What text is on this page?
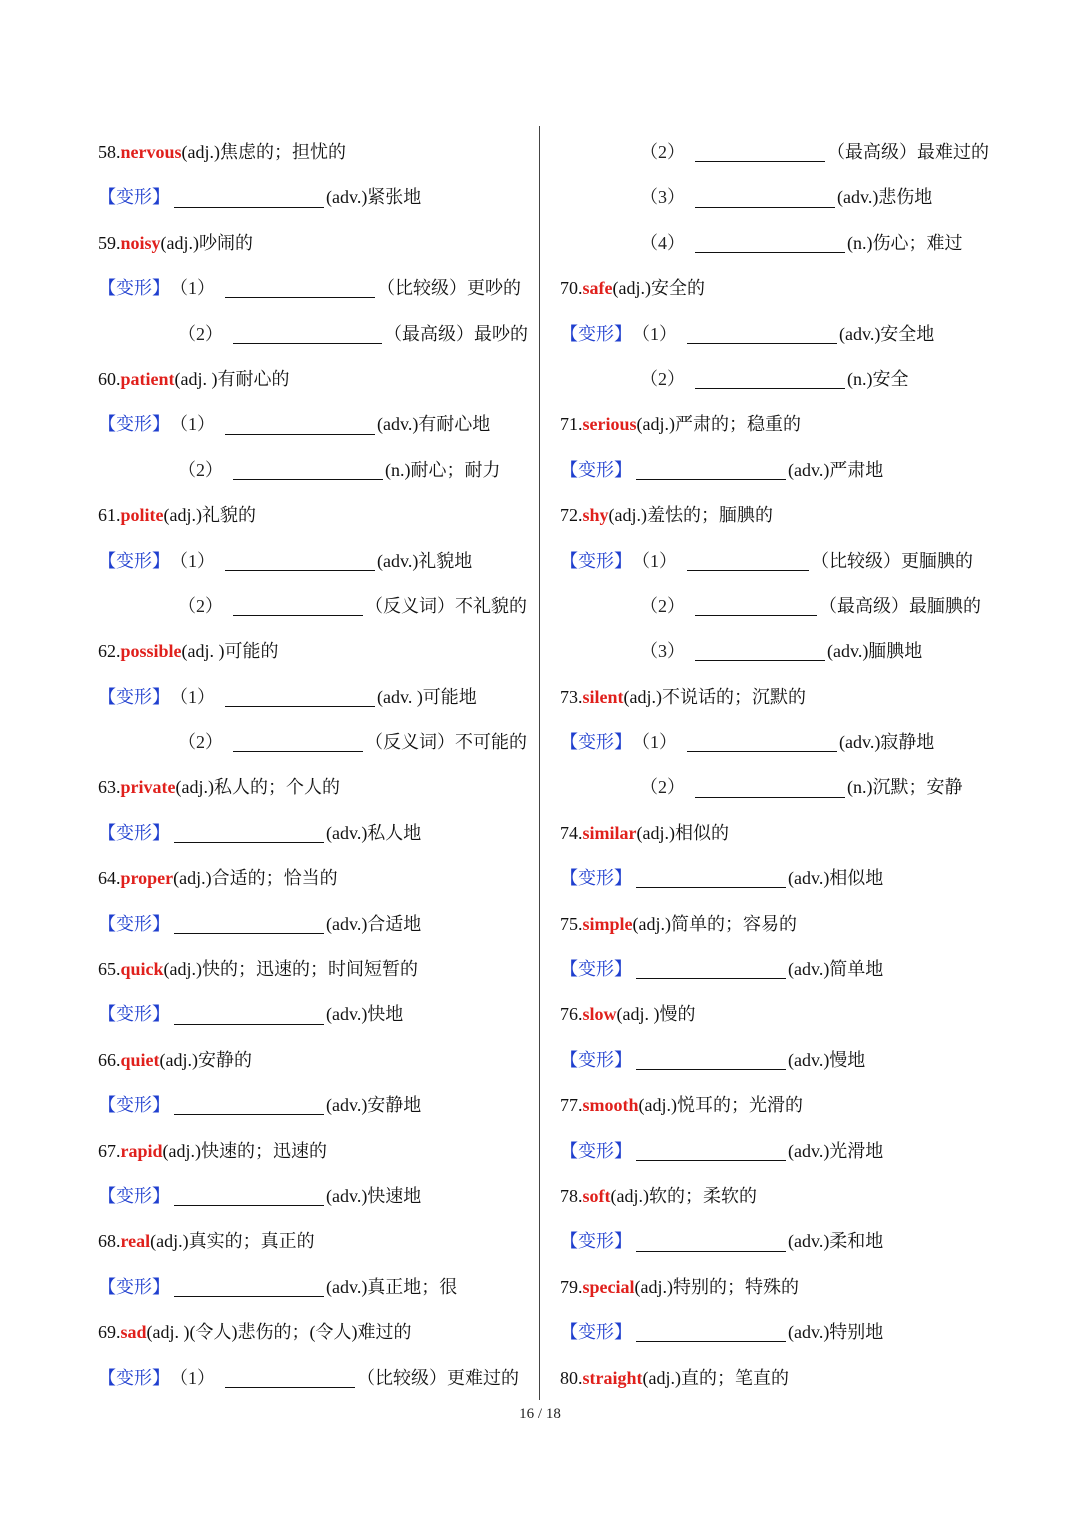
58. nervous (adj.) 焦虑的；担忧的
【变形】	(adv.)紧张地
59. noisy (adj.) 吵闹的
【变形】 （1）	（比较级）更吵的
（2）	（最高级）最吵的
60. patient (adj. ) 有耐心的
【变形】 （1）	(adv.)有耐心地
（2）	(n.)耐心；耐力
61. polite (adj.) 礼貌的
【变形】 （1）	(adv.)礼貌地
（2）	（反义词）不礼貌的
62. possible (adj. ) 可能的
【变形】 （1）	(adv. )可能地
（2）	（反义词）不可能的
63. private (adj.) 私人的；个人的
【变形】	(adv.)私人地
64. proper (adj.) 合适的；恰当的
【变形】	(adv.)合适地
65. quick (adj.) 快的；迅速的；时间短暂的
【变形】	(adv.)快地
66. quiet (adj.) 安静的
【变形】	(adv.)安静地
67. rapid (adj.) 快速的；迅速的
【变形】	(adv.)快速地
68. real (adj.) 真实的；真正的
【变形】	(adv.)真正地；很
69. sad (adj. ) (令人)悲伤的；(令人)难过的
【变形】 （1）	（比较级）更难过的
（2）	（最高级）最难过的
（3）	(adv.)悲伤地
（4）	(n.)伤心；难过
70. safe (adj.) 安全的
【变形】 （1）	(adv.)安全地
（2）	(n.)安全
71. serious (adj.) 严肃的；稳重的
【变形】	(adv.)严肃地
72. shy (adj.) 羞怯的；腼腆的
【变形】 （1）	（比较级）更腼腆的
（2）	（最高级）最腼腆的
（3）	(adv.)腼腆地
73. silent (adj.) 不说话的；沉默的
【变形】 （1）	(adv.)寂静地
（2）	(n.)沉默；安静
74. similar (adj.) 相似的
【变形】	(adv.)相似地
75. simple (adj.) 简单的；容易的
【变形】	(adv.)简单地
76. slow (adj. ) 慢的
【变形】	(adv.)慢地
77. smooth (adj.) 悦耳的；光滑的
【变形】	(adv.)光滑地
78. soft (adj.) 软的；柔软的
【变形】	(adv.)柔和地
79. special (adj.) 特别的；特殊的
【变形】	(adv.)特别地
80. straight (adj.) 直的；笔直的
16 / 18
